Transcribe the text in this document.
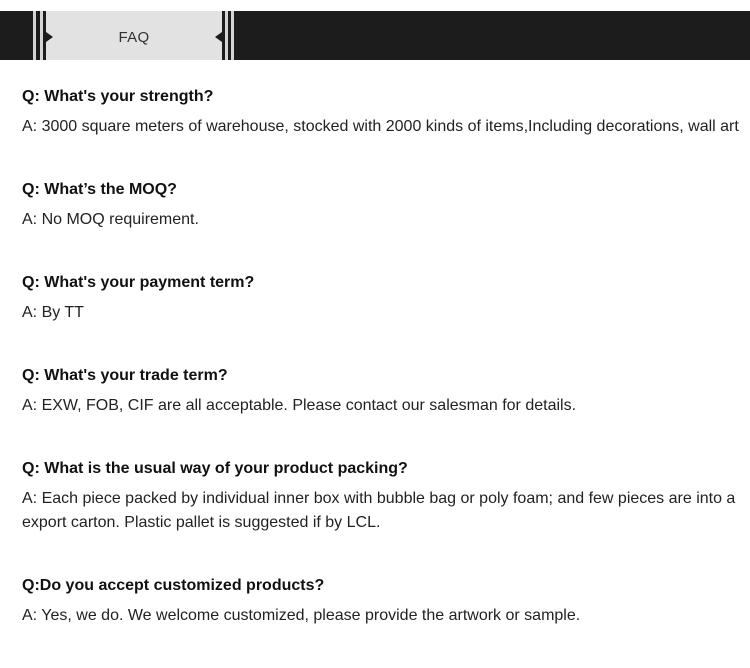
FAQ

Q: What's your strength?

A: 3000 square meters of warehouse, stocked with 2000 kinds of items,Including decorations, wall art

Q: What’s the MOQ?

A: No MOQ requirement.

Q: What's your payment term?

A: By TT

Q: What's your trade term?

A: EXW, FOB, CIF are all acceptable. Please contact our salesman for details.

Q: What is the usual way of your product packing?

A: Each piece packed by individual inner box with bubble bag or poly foam; and few pieces are into a export carton. Plastic pallet is suggested if by LCL.

Q:Do you accept customized products?

A: Yes, we do. We welcome customized, please provide the artwork or sample.
